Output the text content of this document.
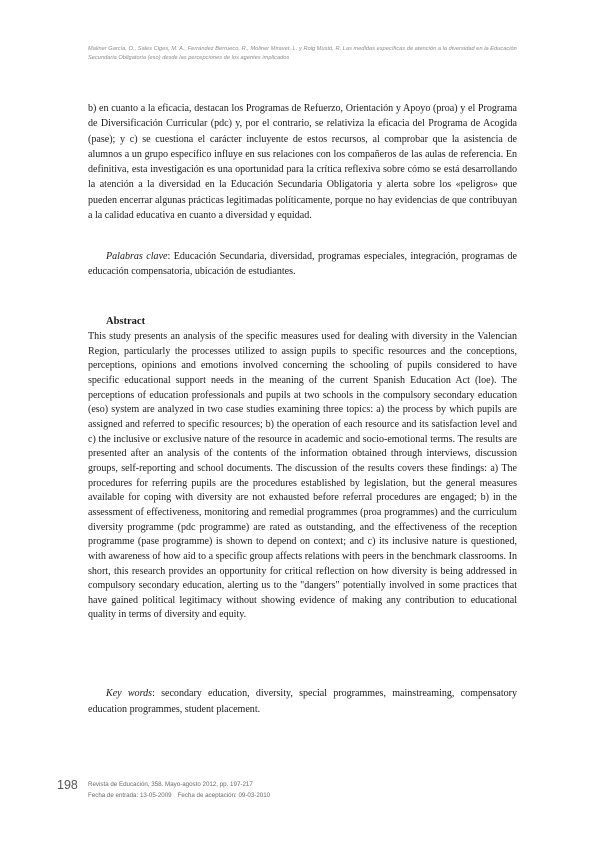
Maliner García, O., Sales Ciges, M. A., Ferrández Berrueco, R., Moliner Miravet, L. y Roig Mustó, R. Las medidas específicas de atención a la diversidad en la Educación
Secundaria Obligatoria (eso) desde las percepciones de los agentes implicados

b) en cuanto a la eficacia, destacan los Programas de Refuerzo, Orientación y Apoyo (proa) y el Programa de Diversificación Curricular (pdc) y, por el contrario, se relativiza la eficacia del Programa de Acogida (pase); y c) se cuestiona el carácter incluyente de estos recursos, al comprobar que la asistencia de alumnos a un grupo específico influye en sus relaciones con los compañeros de las aulas de referencia. En definitiva, esta investigación es una oportunidad para la crítica reflexiva sobre cómo se está desarrollando la atención a la diversidad en la Educación Secundaria Obligatoria y alerta sobre los «peligros» que pueden encerrar algunas prácticas legitimadas políticamente, porque no hay evidencias de que contribuyan a la calidad educativa en cuanto a diversidad y equidad.

Palabras clave: Educación Secundaria, diversidad, programas especiales, integración, programas de educación compensatoria, ubicación de estudiantes.

Abstract

This study presents an analysis of the specific measures used for dealing with diversity in the Valencian Region, particularly the processes utilized to assign pupils to specific resources and the conceptions, perceptions, opinions and emotions involved concerning the schooling of pupils considered to have specific educational support needs in the meaning of the current Spanish Education Act (loe). The perceptions of education professionals and pupils at two schools in the compulsory secondary education (eso) system are analyzed in two case studies examining three topics: a) the process by which pupils are assigned and referred to specific resources; b) the operation of each resource and its satisfaction level and c) the inclusive or exclusive nature of the resource in academic and socio-emotional terms. The results are presented after an analysis of the contents of the information obtained through interviews, discussion groups, self-reporting and school documents. The discussion of the results covers these findings: a) The procedures for referring pupils are the procedures established by legislation, but the general measures available for coping with diversity are not exhausted before referral procedures are engaged; b) in the assessment of effectiveness, monitoring and remedial programmes (proa programmes) and the curriculum diversity programme (pdc programme) are rated as outstanding, and the effectiveness of the reception programme (pase programme) is shown to depend on context; and c) its inclusive nature is questioned, with awareness of how aid to a specific group affects relations with peers in the benchmark classrooms. In short, this research provides an opportunity for critical reflection on how diversity is being addressed in compulsory secondary education, alerting us to the "dangers" potentially involved in some practices that have gained political legitimacy without showing evidence of making any contribution to educational quality in terms of diversity and equity.

Key words: secondary education, diversity, special programmes, mainstreaming, compensatory education programmes, student placement.

198 Revista de Educación, 358. Mayo-agosto 2012, pp. 197-217
Fecha de entrada: 13-05-2009 Fecha de aceptación: 09-03-2010
